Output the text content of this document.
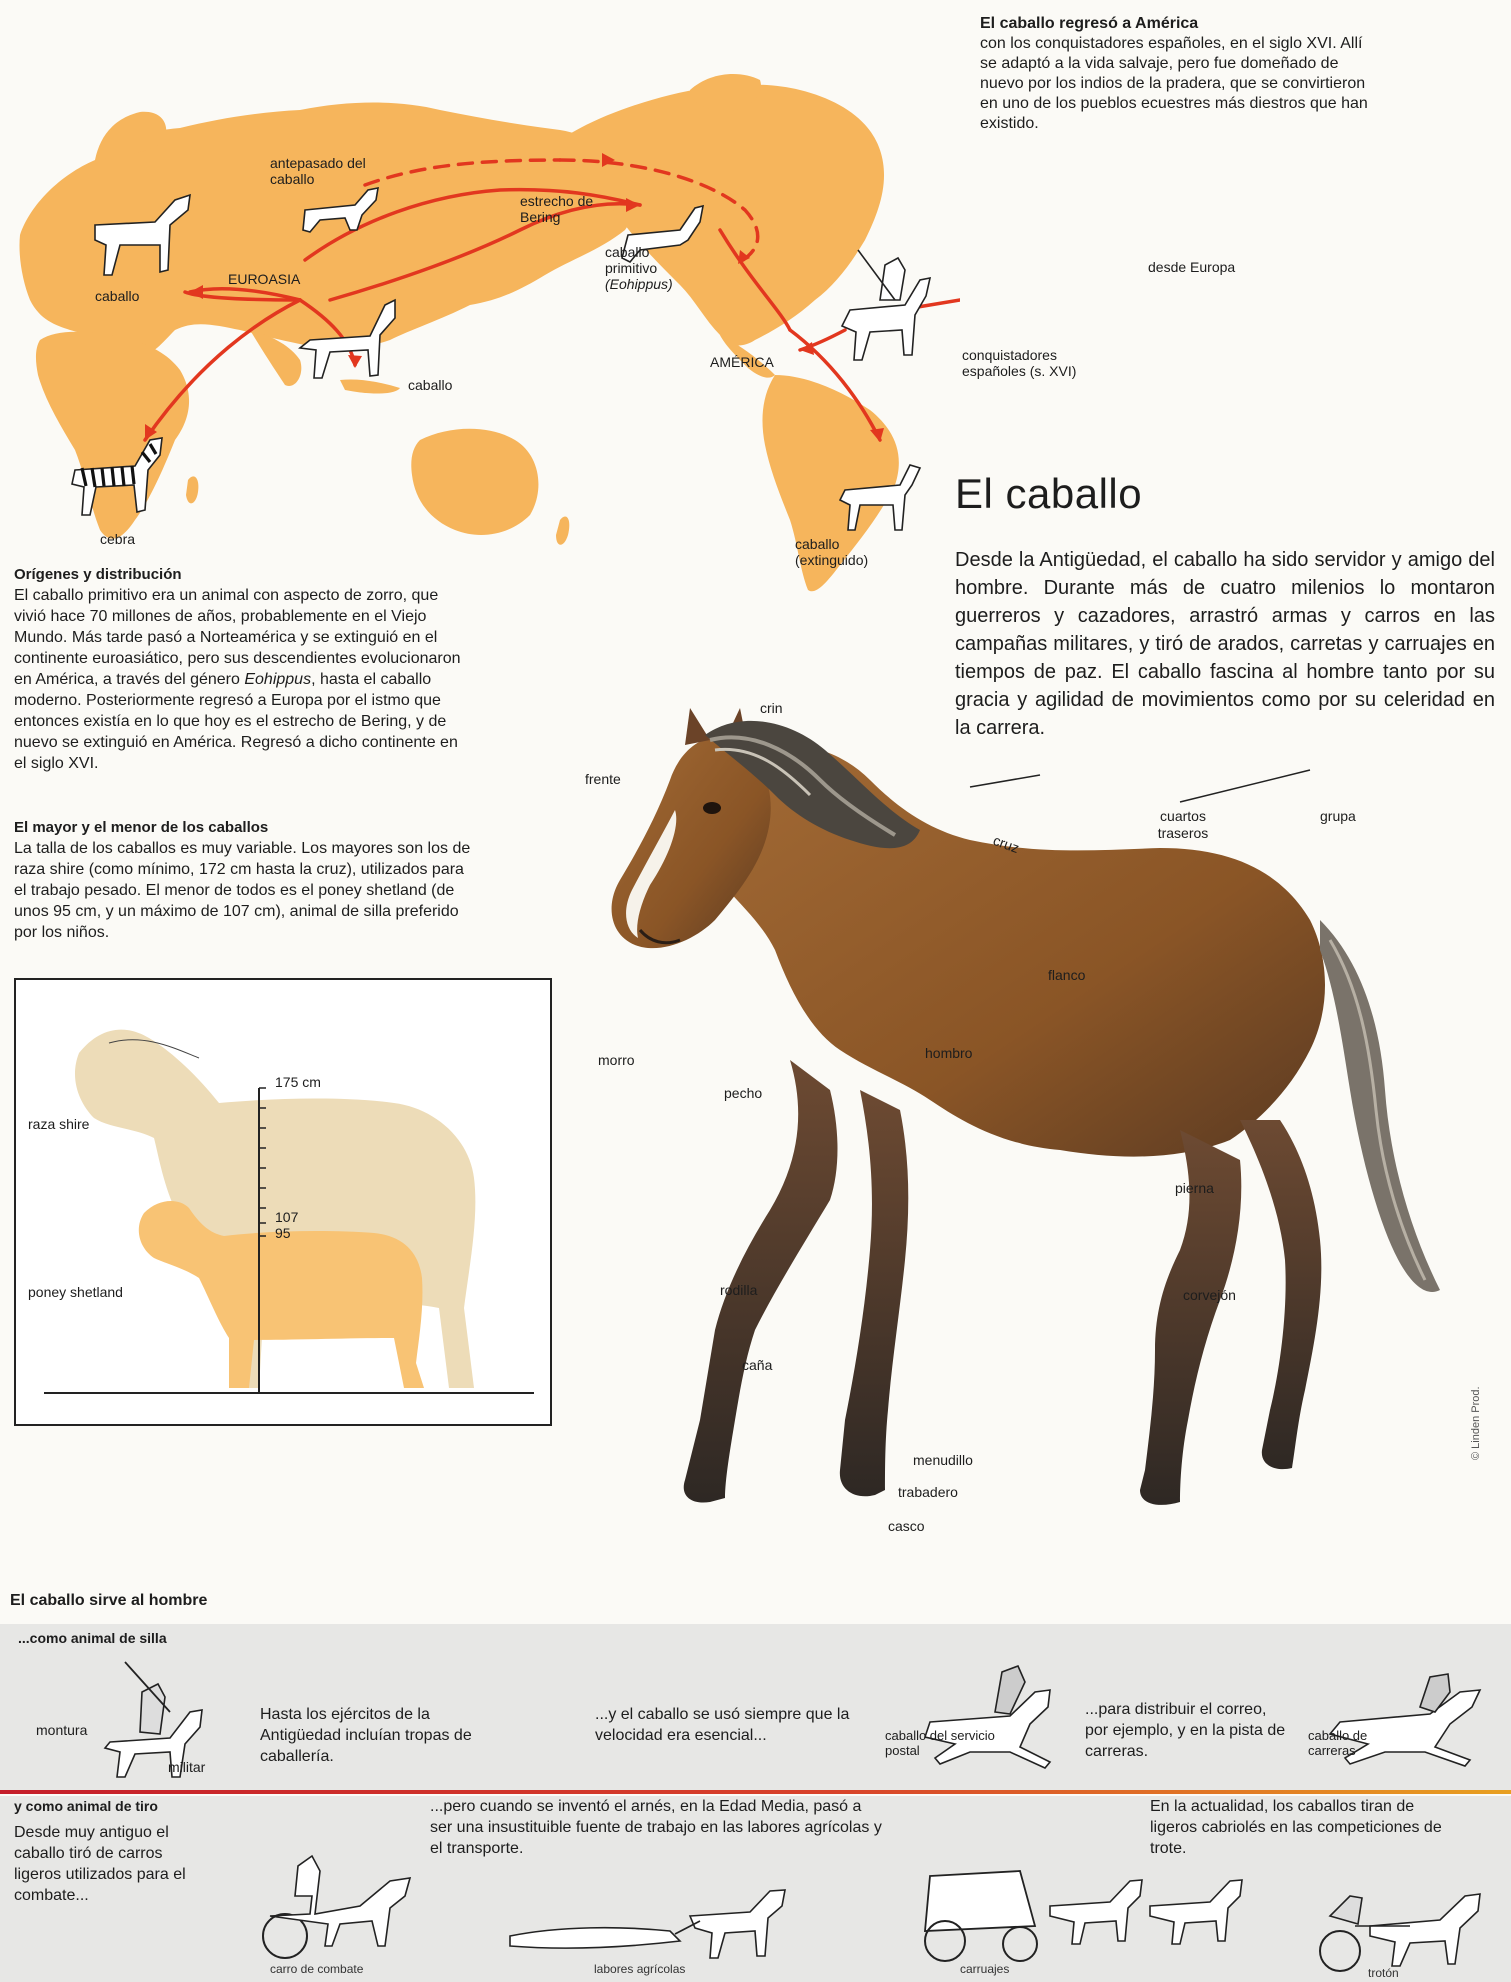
antepasado del caballo
estrecho de Bering
caballo primitivo
(Eohippus)
desde Europa
EUROASIA
AMÉRICA
caballo
caballo
conquistadores españoles (s. XVI)
cebra	caballo (extinguido)
El caballo regresó a América
con los conquistadores españoles, en el siglo XVI. Allí se adaptó a la vida salvaje, pero fue domeñado de nuevo por los indios de la pradera, que se convirtieron en uno de los pueblos ecuestres más diestros que han existido.
El caballo
Desde la Antigüedad, el caballo ha sido servidor y amigo del hombre. Durante más de cuatro milenios lo montaron guerreros y cazadores, arrastró armas y carros en las campañas militares, y tiró de arados, carretas y carruajes en tiempos de paz. El caballo fascina al hombre tanto por su gracia y agilidad de movimientos como por su celeridad en la carrera.
Orígenes y distribución
El caballo primitivo era un animal con aspecto de zorro, que vivió hace 70 millones de años, probablemente en el Viejo Mundo. Más tarde pasó a Norteamérica y se extinguió en el continente euroasiático, pero sus descendientes evolucionaron en América, a través del género Eohippus, hasta el caballo moderno. Posteriormente regresó a Europa por el istmo que entonces existía en lo que hoy es el estrecho de Bering, y de nuevo se extinguió en América. Regresó a dicho continente en el siglo XVI.
El mayor y el menor de los caballos
La talla de los caballos es muy variable. Los mayores son los de raza shire (como mínimo, 172 cm hasta la cruz), utilizados para el trabajo pesado. El menor de todos es el poney shetland (de unos 95 cm, y un máximo de 107 cm), animal de silla preferido por los niños.
175 cm
107
95
raza shire
poney shetland
crin
frente
cruz
cuartos traseros
grupa
flanco
hombro
morro
pecho
pierna
rodilla	corvejón
caña
menudillo
trabadero
casco
© Linden Prod.
El caballo sirve al hombre
...como animal de silla
montura
militar
Hasta los ejércitos de la Antigüedad incluían tropas de caballería.
...y el caballo se usó siempre que la velocidad era esencial...	caballo del servicio postal
...para distribuir el correo, por ejemplo, y en la pista de carreras.
caballo de carreras
y como animal de tiro
Desde muy antiguo el caballo tiró de carros ligeros utilizados para el combate...
...pero cuando se inventó el arnés, en la Edad Media, pasó a ser una insustituible fuente de trabajo en las labores agrícolas y el transporte.
En la actualidad, los caballos tiran de ligeros cabriolés en las competiciones de trote.
carro de combate	labores agrícolas	carruajes	trotón
